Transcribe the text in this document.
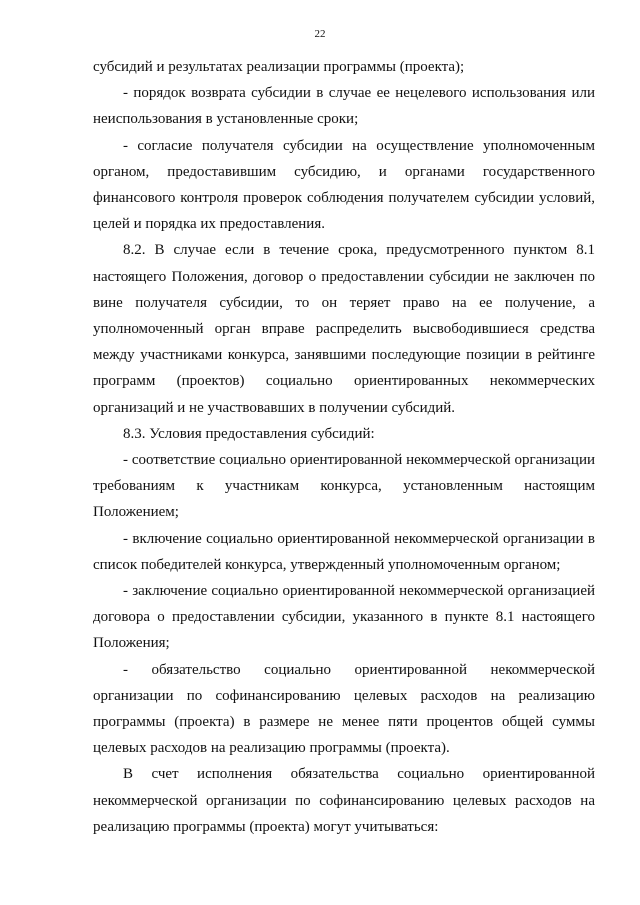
22

субсидий и результатах реализации программы (проекта);

- порядок возврата субсидии в случае ее нецелевого использования или неиспользования в установленные сроки;

- согласие получателя субсидии на осуществление уполномоченным органом, предоставившим субсидию, и органами государственного финансового контроля проверок соблюдения получателем субсидии условий, целей и порядка их предоставления.

8.2. В случае если в течение срока, предусмотренного пунктом 8.1 настоящего Положения, договор о предоставлении субсидии не заключен по вине получателя субсидии, то он теряет право на ее получение, а уполномоченный орган вправе распределить высвободившиеся средства между участниками конкурса, занявшими последующие позиции в рейтинге программ (проектов) социально ориентированных некоммерческих организаций и не участвовавших в получении субсидий.

8.3. Условия предоставления субсидий:

- соответствие социально ориентированной некоммерческой организации требованиям к участникам конкурса, установленным настоящим Положением;

- включение социально ориентированной некоммерческой организации в список победителей конкурса, утвержденный уполномоченным органом;

- заключение социально ориентированной некоммерческой организацией договора о предоставлении субсидии, указанного в пункте 8.1 настоящего Положения;

- обязательство социально ориентированной некоммерческой организации по софинансированию целевых расходов на реализацию программы (проекта) в размере не менее пяти процентов общей суммы целевых расходов на реализацию программы (проекта).

В счет исполнения обязательства социально ориентированной некоммерческой организации по софинансированию целевых расходов на реализацию программы (проекта) могут учитываться:
